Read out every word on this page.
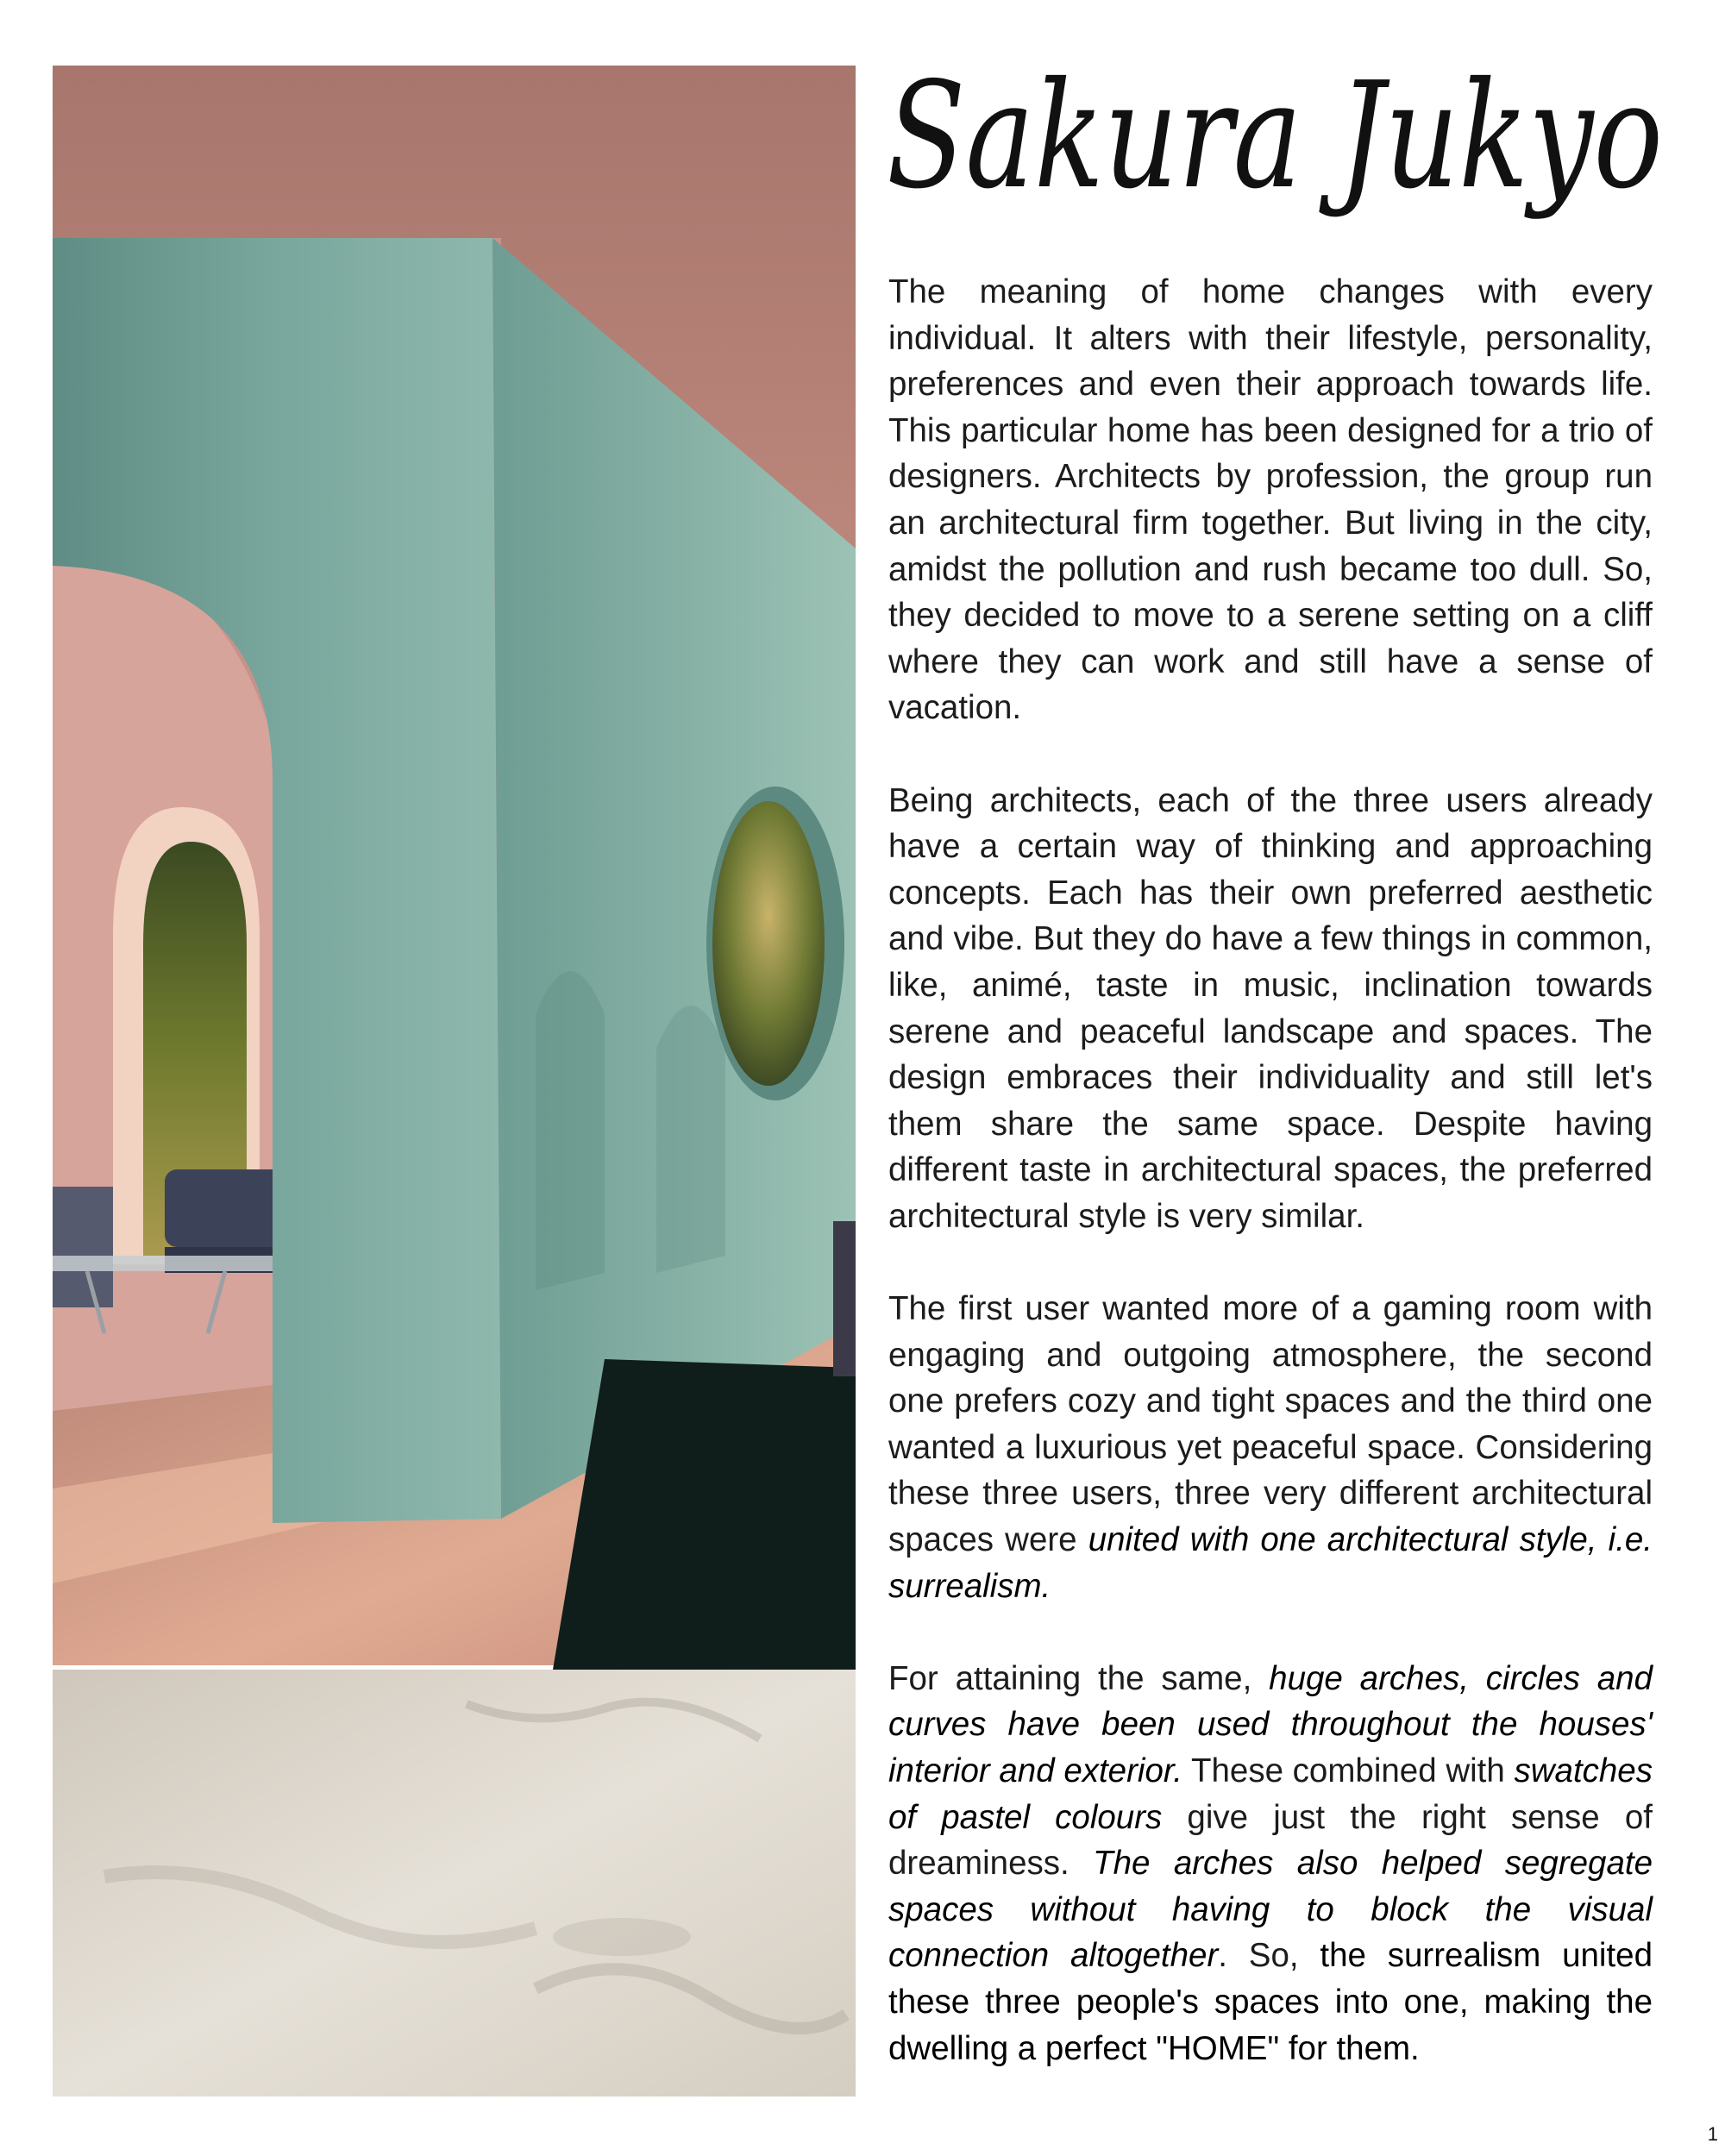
Sakura Jukyo

The meaning of home changes with every individual. It alters with their lifestyle, personality, preferences and even their approach towards life. This particular home has been designed for a trio of designers. Architects by profession, the group run an architectural firm together. But living in the city, amidst the pollution and rush became too dull. So, they decided to move to a serene setting on a cliff where they can work and still have a sense of vacation.

Being architects, each of the three users already have a certain way of thinking and approaching concepts. Each has their own preferred aesthetic and vibe. But they do have a few things in common, like, animé, taste in music, inclination towards serene and peaceful landscape and spaces. The design embraces their individuality and still let's them share the same space. Despite having different taste in architectural spaces, the preferred architectural style is very similar.

The first user wanted more of a gaming room with engaging and outgoing atmosphere, the second one prefers cozy and tight spaces and the third one wanted a luxurious yet peaceful space. Considering these three users, three very different architectural spaces were united with one architectural style, i.e. surrealism.

For attaining the same, huge arches, circles and curves have been used throughout the houses' interior and exterior. These combined with swatches of pastel colours give just the right sense of dreaminess. The arches also helped segregate spaces without having to block the visual connection altogether. So, the surrealism united these three people's spaces into one, making the dwelling a perfect "HOME" for them.

1
